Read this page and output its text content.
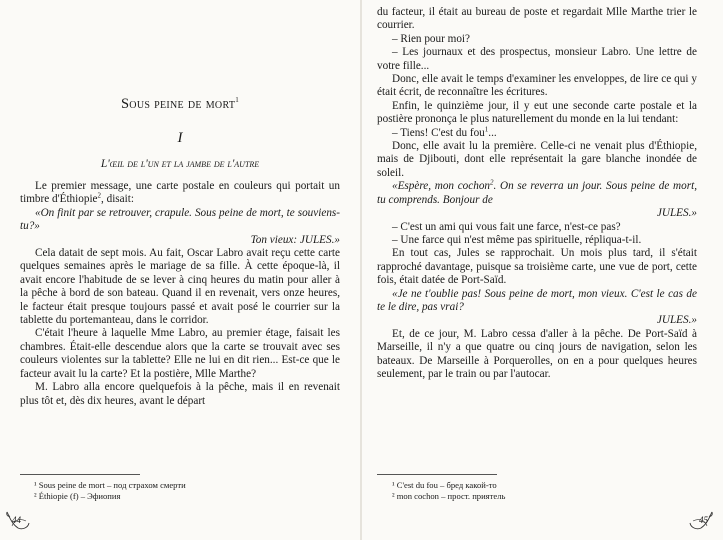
Sous peine de mort$^1$
I
L'œil de l'un et la jambe de l'autre

Le premier message, une carte postale en couleurs qui portait un timbre d'Éthiopie$^2$, disait:

«On finit par se retrouver, crapule. Sous peine de mort, te souviens-tu?»

Ton vieux: JULES.»

Cela datait de sept mois. Au fait, Oscar Labro avait reçu cette carte quelques semaines après le mariage de sa fille. À cette époque-là, il avait encore l'habitude de se lever à cinq heures du matin pour aller à la pêche à bord de son bateau. Quand il en revenait, vers onze heures, le facteur était presque toujours passé et avait posé le courrier sur la tablette du portemanteau, dans le corridor.

C'était l'heure à laquelle Mme Labro, au premier étage, faisait les chambres. Était-elle descendue alors que la carte se trouvait avec ses couleurs violentes sur la tablette? Elle ne lui en dit rien... Est-ce que le facteur avait lu la carte? Et la postière, Mlle Marthe?

M. Labro alla encore quelquefois à la pêche, mais il en revenait plus tôt et, dès dix heures, avant le départ

¹ Sous peine de mort – под страхом смерти
² Éthiopie (f) – Эфиопия
44

du facteur, il était au bureau de poste et regardait Mlle Marthe trier le courrier.

– Rien pour moi?

– Les journaux et des prospectus, monsieur Labro. Une lettre de votre fille...

Donc, elle avait le temps d'examiner les enveloppes, de lire ce qui y était écrit, de reconnaître les écritures.

Enfin, le quinzième jour, il y eut une seconde carte postale et la postière prononça le plus naturellement du monde en la lui tendant:

– Tiens! C'est du fou$^1$...

Donc, elle avait lu la première. Celle-ci ne venait plus d'Éthiopie, mais de Djibouti, dont elle représentait la gare blanche inondée de soleil.

«Espère, mon cochon$^2$. On se reverra un jour. Sous peine de mort, tu comprends. Bonjour de

JULES.»

– C'est un ami qui vous fait une farce, n'est-ce pas?

– Une farce qui n'est même pas spirituelle, répliqua-t-il.

En tout cas, Jules se rapprochait. Un mois plus tard, il s'était rapproché davantage, puisque sa troisième carte, une vue de port, cette fois, était datée de Port-Saïd.

«Je ne t'oublie pas! Sous peine de mort, mon vieux. C'est le cas de te le dire, pas vrai?

JULES.»

Et, de ce jour, M. Labro cessa d'aller à la pêche. De Port-Saïd à Marseille, il n'y a que quatre ou cinq jours de navigation, selon les bateaux. De Marseille à Porquerolles, on en a pour quelques heures seulement, par le train ou par l'autocar.

¹ C'est du fou – бред какой-то
² mon cochon – прост. приятель
45
